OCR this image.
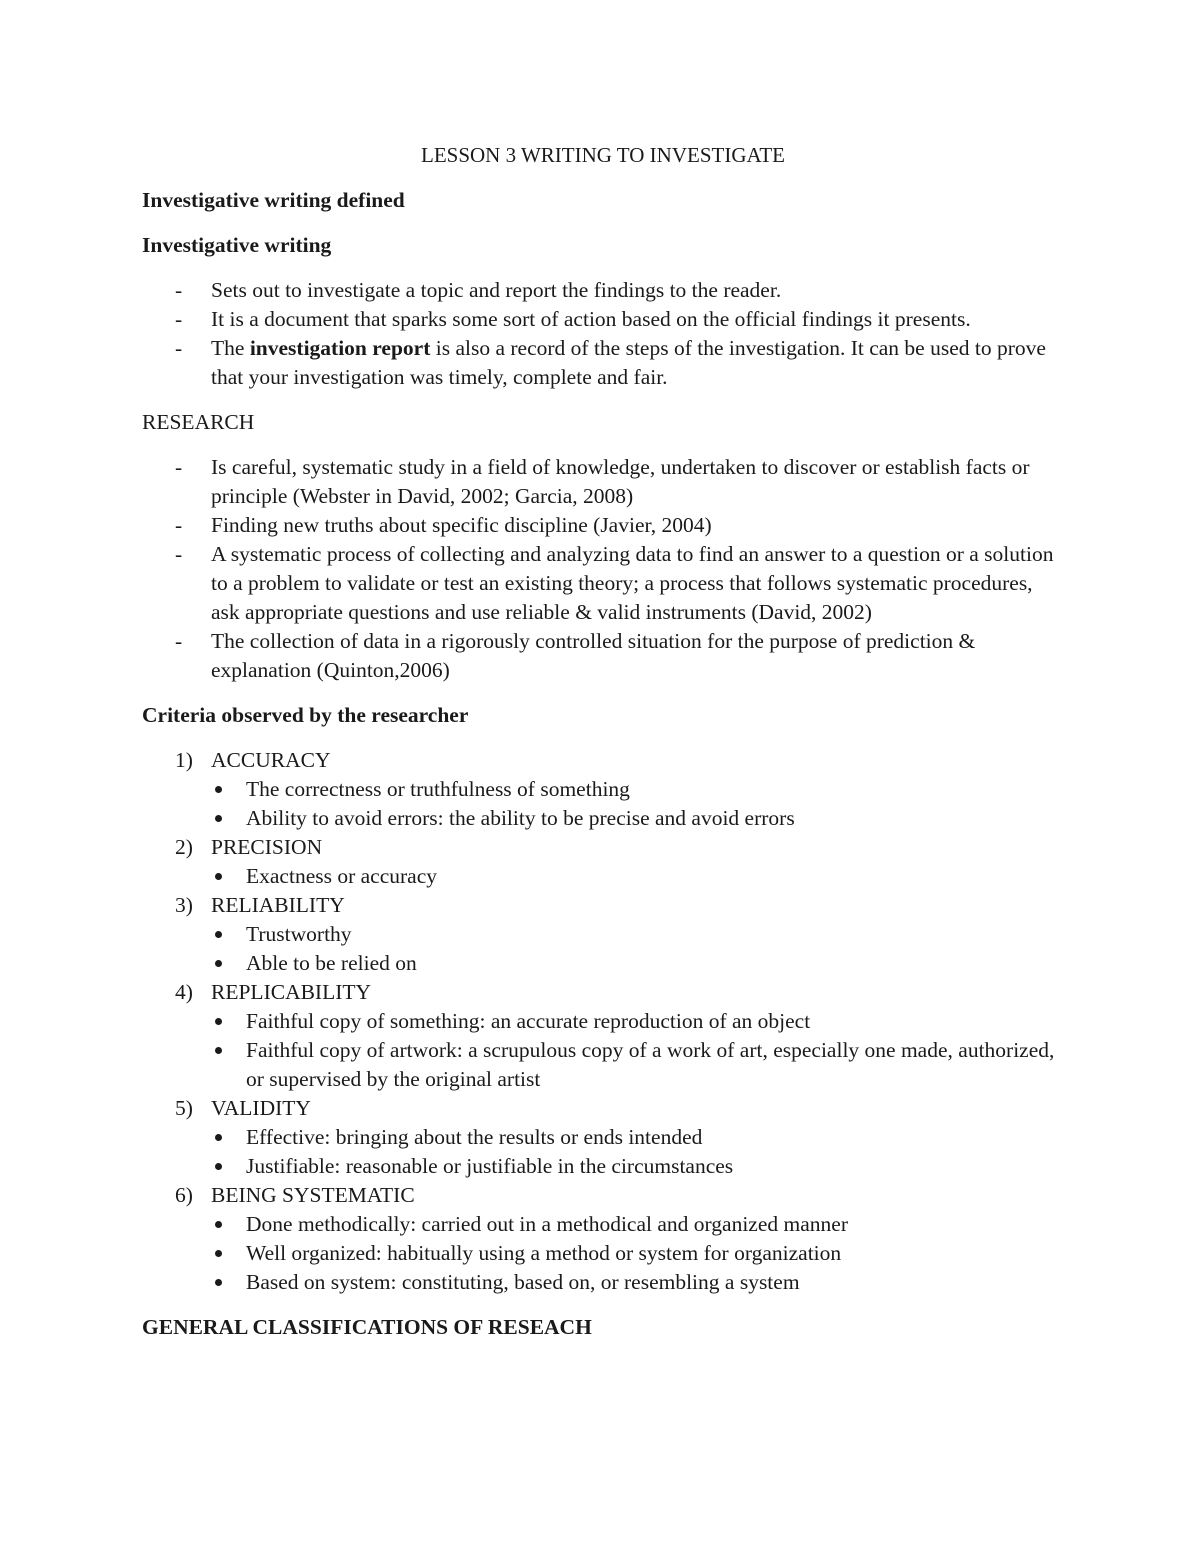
LESSON 3 WRITING TO INVESTIGATE
Investigative writing defined
Investigative writing
- Sets out to investigate a topic and report the findings to the reader.
- It is a document that sparks some sort of action based on the official findings it presents.
- The investigation report is also a record of the steps of the investigation. It can be used to prove that your investigation was timely, complete and fair.
RESEARCH
- Is careful, systematic study in a field of knowledge, undertaken to discover or establish facts or principle (Webster in David, 2002; Garcia, 2008)
- Finding new truths about specific discipline (Javier, 2004)
- A systematic process of collecting and analyzing data to find an answer to a question or a solution to a problem to validate or test an existing theory; a process that follows systematic procedures, ask appropriate questions and use reliable & valid instruments (David, 2002)
- The collection of data in a rigorously controlled situation for the purpose of prediction & explanation (Quinton,2006)
Criteria observed by the researcher
1) ACCURACY
The correctness or truthfulness of something
Ability to avoid errors: the ability to be precise and avoid errors
2) PRECISION
Exactness or accuracy
3) RELIABILITY
Trustworthy
Able to be relied on
4) REPLICABILITY
Faithful copy of something: an accurate reproduction of an object
Faithful copy of artwork: a scrupulous copy of a work of art, especially one made, authorized, or supervised by the original artist
5) VALIDITY
Effective: bringing about the results or ends intended
Justifiable: reasonable or justifiable in the circumstances
6) BEING SYSTEMATIC
Done methodically: carried out in a methodical and organized manner
Well organized: habitually using a method or system for organization
Based on system: constituting, based on, or resembling a system
GENERAL CLASSIFICATIONS OF RESEACH
